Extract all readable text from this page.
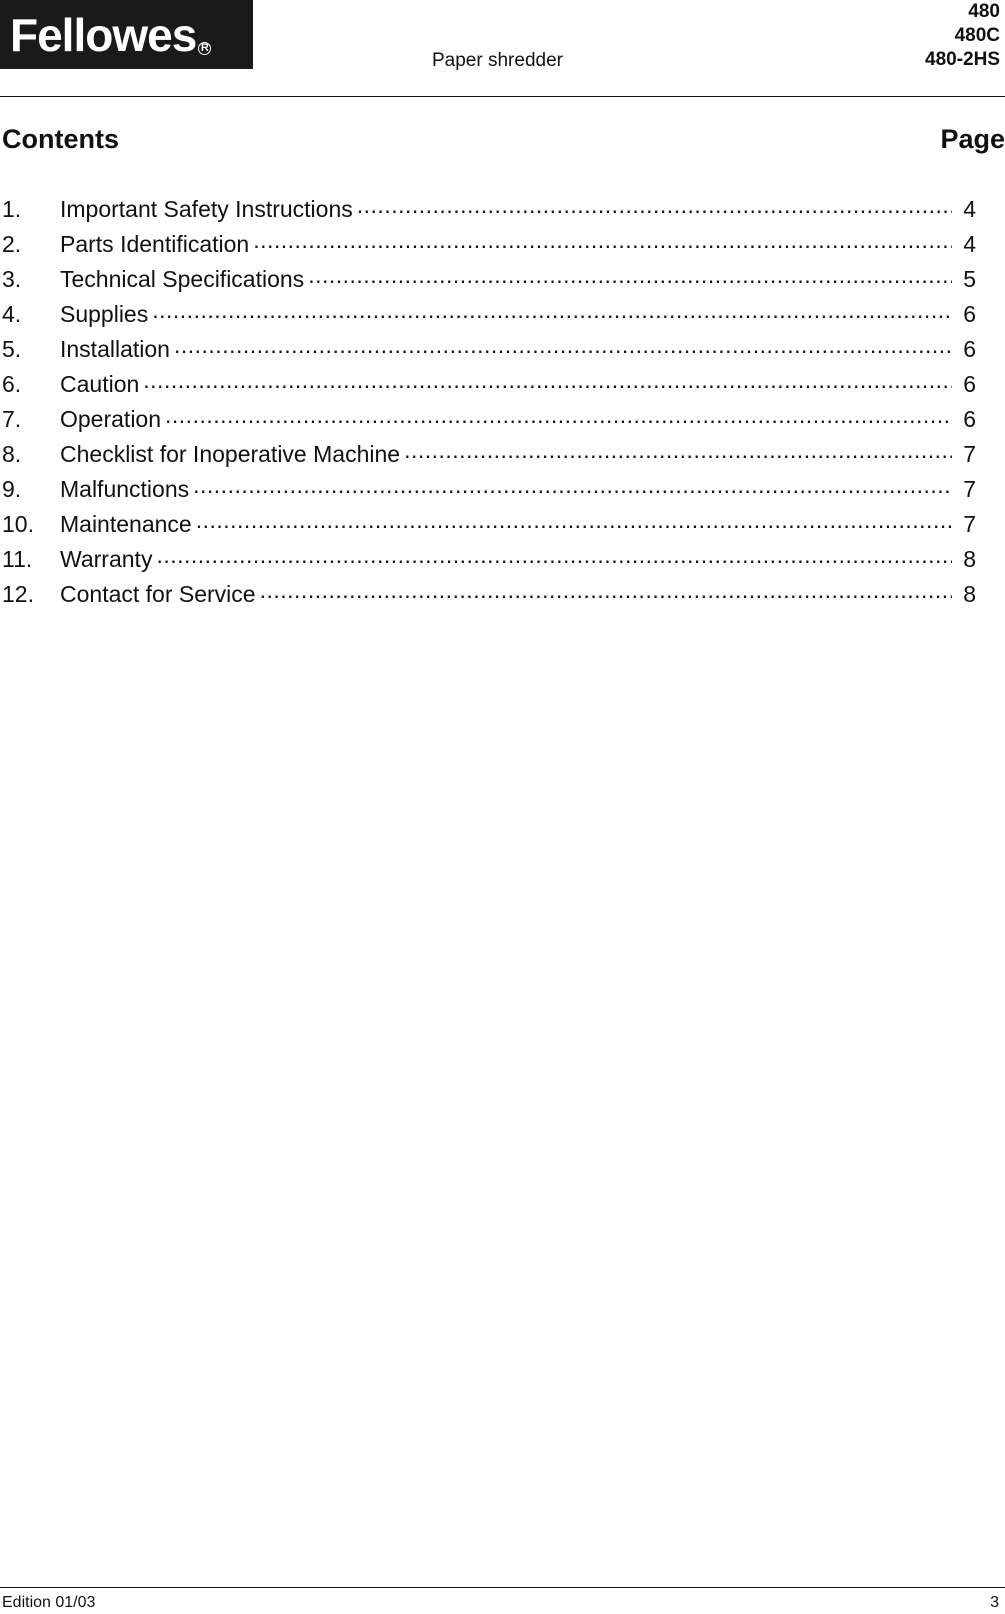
Fellowes R
Paper shredder
480
480C
480-2HS
Contents	Page
1.	Important Safety Instructions .....	4
2.	Parts Identification .....	4
3.	Technical Specifications .....	5
4.	Supplies .....	6
5.	Installation .....	6
6.	Caution .....	6
7.	Operation .....	6
8.	Checklist for Inoperative Machine .....	7
9.	Malfunctions .....	7
10.	Maintenance .....	7
11.	Warranty .....	8
12.	Contact for Service .....	8
Edition 01/03	3
